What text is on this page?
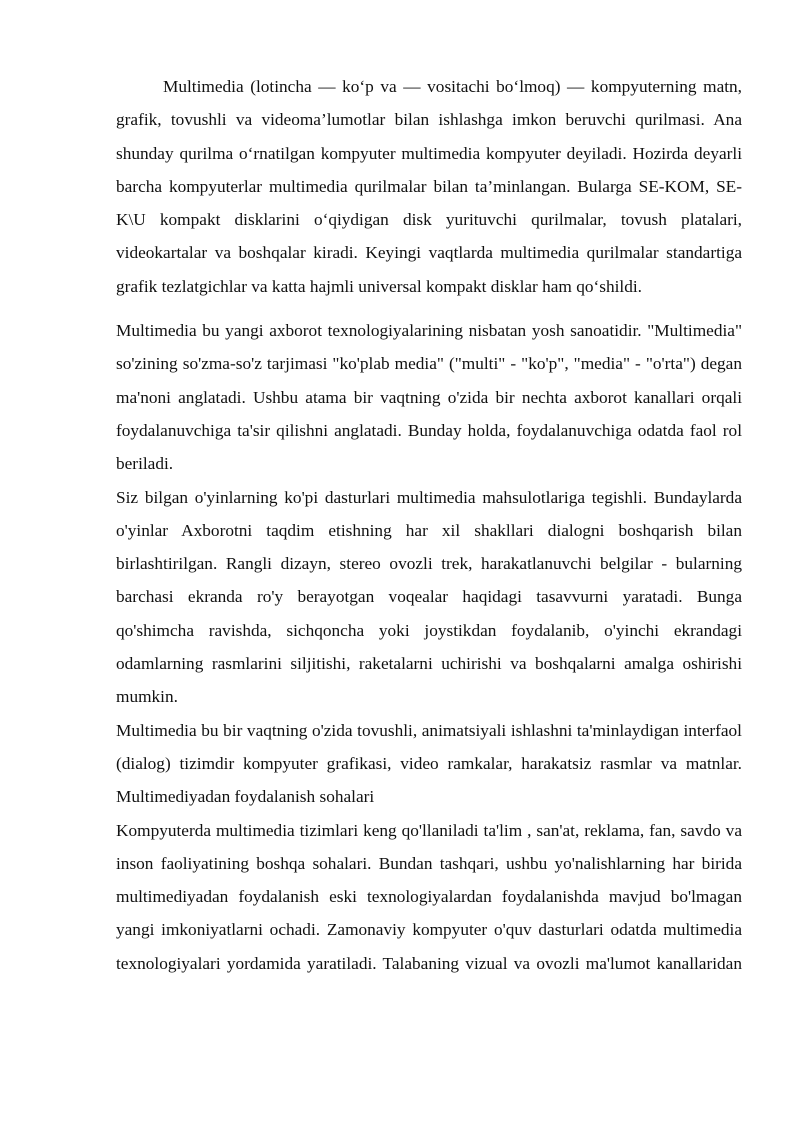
Multimedia (lotincha — ko‘p va — vositachi bo‘lmoq) — kompyuterning matn, grafik, tovushli va videoma’lumotlar bilan ishlashga imkon beruvchi qurilmasi. Ana shunday qurilma o‘rnatilgan kompyuter multimedia kompyuter deyiladi. Hozirda deyarli barcha kompyuterlar multimedia qurilmalar bilan ta’minlangan. Bularga SE-KOM, SE-K\U kompakt disklarini o‘qiydigan disk yurituvchi qurilmalar, tovush platalari, videokartalar va boshqalar kiradi. Keyingi vaqtlarda multimedia qurilmalar standartiga grafik tezlatgichlar va katta hajmli universal kompakt disklar ham qo‘shildi.

Multimedia bu yangi axborot texnologiyalarining nisbatan yosh sanoatidir. "Multimedia" so'zining so'zma-so'z tarjimasi "ko'plab media" ("multi" - "ko'p", "media" - "o'rta") degan ma'noni anglatadi. Ushbu atama bir vaqtning o'zida bir nechta axborot kanallari orqali foydalanuvchiga ta'sir qilishni anglatadi. Bunday holda, foydalanuvchiga odatda faol rol beriladi.

Siz bilgan o'yinlarning ko'pi dasturlari multimedia mahsulotlariga tegishli. Bundaylarda o'yinlar Axborotni taqdim etishning har xil shakllari dialogni boshqarish bilan birlashtirilgan. Rangli dizayn, stereo ovozli trek, harakatlanuvchi belgilar - bularning barchasi ekranda ro'y berayotgan voqealar haqidagi tasavvurni yaratadi. Bunga qo'shimcha ravishda, sichqoncha yoki joystikdan foydalanib, o'yinchi ekrandagi odamlarning rasmlarini siljitishi, raketalarni uchirishi va boshqalarni amalga oshirishi mumkin.

Multimedia bu bir vaqtning o'zida tovushli, animatsiyali ishlashni ta'minlaydigan interfaol (dialog) tizimdir kompyuter grafikasi, video ramkalar, harakatsiz rasmlar va matnlar. Multimediyadan foydalanish sohalari

Kompyuterda multimedia tizimlari keng qo'llaniladi ta'lim , san'at, reklama, fan, savdo va inson faoliyatining boshqa sohalari. Bundan tashqari, ushbu yo'nalishlarning har birida multimediyadan foydalanish eski texnologiyalardan foydalanishda mavjud bo'lmagan yangi imkoniyatlarni ochadi. Zamonaviy kompyuter o'quv dasturlari odatda multimedia texnologiyalari yordamida yaratiladi. Talabaning vizual va ovozli ma'lumot kanallaridan
